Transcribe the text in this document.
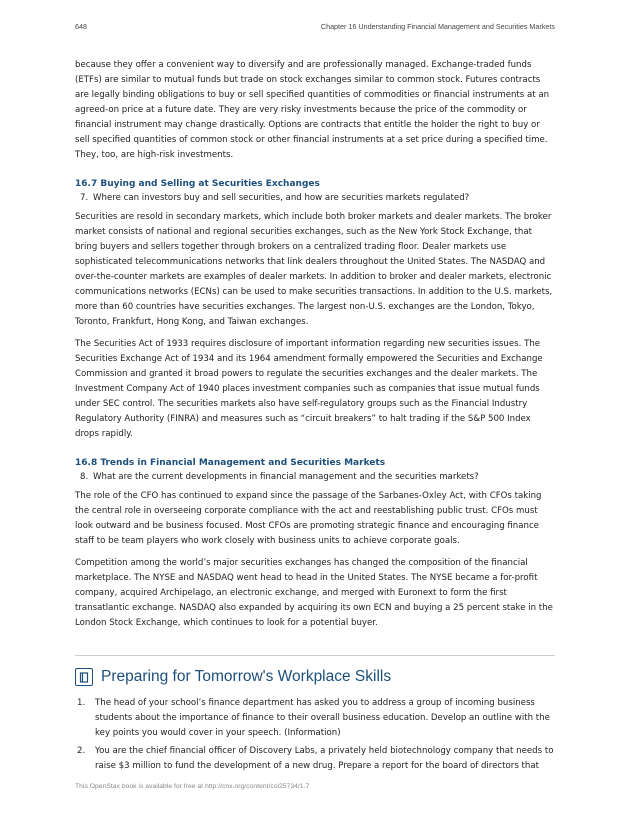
648	Chapter 16 Understanding Financial Management and Securities Markets

because they offer a convenient way to diversify and are professionally managed. Exchange-traded funds (ETFs) are similar to mutual funds but trade on stock exchanges similar to common stock. Futures contracts are legally binding obligations to buy or sell specified quantities of commodities or financial instruments at an agreed-on price at a future date. They are very risky investments because the price of the commodity or financial instrument may change drastically. Options are contracts that entitle the holder the right to buy or sell specified quantities of common stock or other financial instruments at a set price during a specified time. They, too, are high-risk investments.

16.7 Buying and Selling at Securities Exchanges
7. Where can investors buy and sell securities, and how are securities markets regulated?

Securities are resold in secondary markets, which include both broker markets and dealer markets. The broker market consists of national and regional securities exchanges, such as the New York Stock Exchange, that bring buyers and sellers together through brokers on a centralized trading floor. Dealer markets use sophisticated telecommunications networks that link dealers throughout the United States. The NASDAQ and over-the-counter markets are examples of dealer markets. In addition to broker and dealer markets, electronic communications networks (ECNs) can be used to make securities transactions. In addition to the U.S. markets, more than 60 countries have securities exchanges. The largest non-U.S. exchanges are the London, Tokyo, Toronto, Frankfurt, Hong Kong, and Taiwan exchanges.

The Securities Act of 1933 requires disclosure of important information regarding new securities issues. The Securities Exchange Act of 1934 and its 1964 amendment formally empowered the Securities and Exchange Commission and granted it broad powers to regulate the securities exchanges and the dealer markets. The Investment Company Act of 1940 places investment companies such as companies that issue mutual funds under SEC control. The securities markets also have self-regulatory groups such as the Financial Industry Regulatory Authority (FINRA) and measures such as “circuit breakers” to halt trading if the S&P 500 Index drops rapidly.

16.8 Trends in Financial Management and Securities Markets
8. What are the current developments in financial management and the securities markets?

The role of the CFO has continued to expand since the passage of the Sarbanes-Oxley Act, with CFOs taking the central role in overseeing corporate compliance with the act and reestablishing public trust. CFOs must look outward and be business focused. Most CFOs are promoting strategic finance and encouraging finance staff to be team players who work closely with business units to achieve corporate goals.

Competition among the world’s major securities exchanges has changed the composition of the financial marketplace. The NYSE and NASDAQ went head to head in the United States. The NYSE became a for-profit company, acquired Archipelago, an electronic exchange, and merged with Euronext to form the first transatlantic exchange. NASDAQ also expanded by acquiring its own ECN and buying a 25 percent stake in the London Stock Exchange, which continues to look for a potential buyer.

Preparing for Tomorrow's Workplace Skills
1. The head of your school’s finance department has asked you to address a group of incoming business students about the importance of finance to their overall business education. Develop an outline with the key points you would cover in your speech. (Information)
2. You are the chief financial officer of Discovery Labs, a privately held biotechnology company that needs to raise $3 million to fund the development of a new drug. Prepare a report for the board of directors that
This OpenStax book is available for free at http://cnx.org/content/col25734/1.7
